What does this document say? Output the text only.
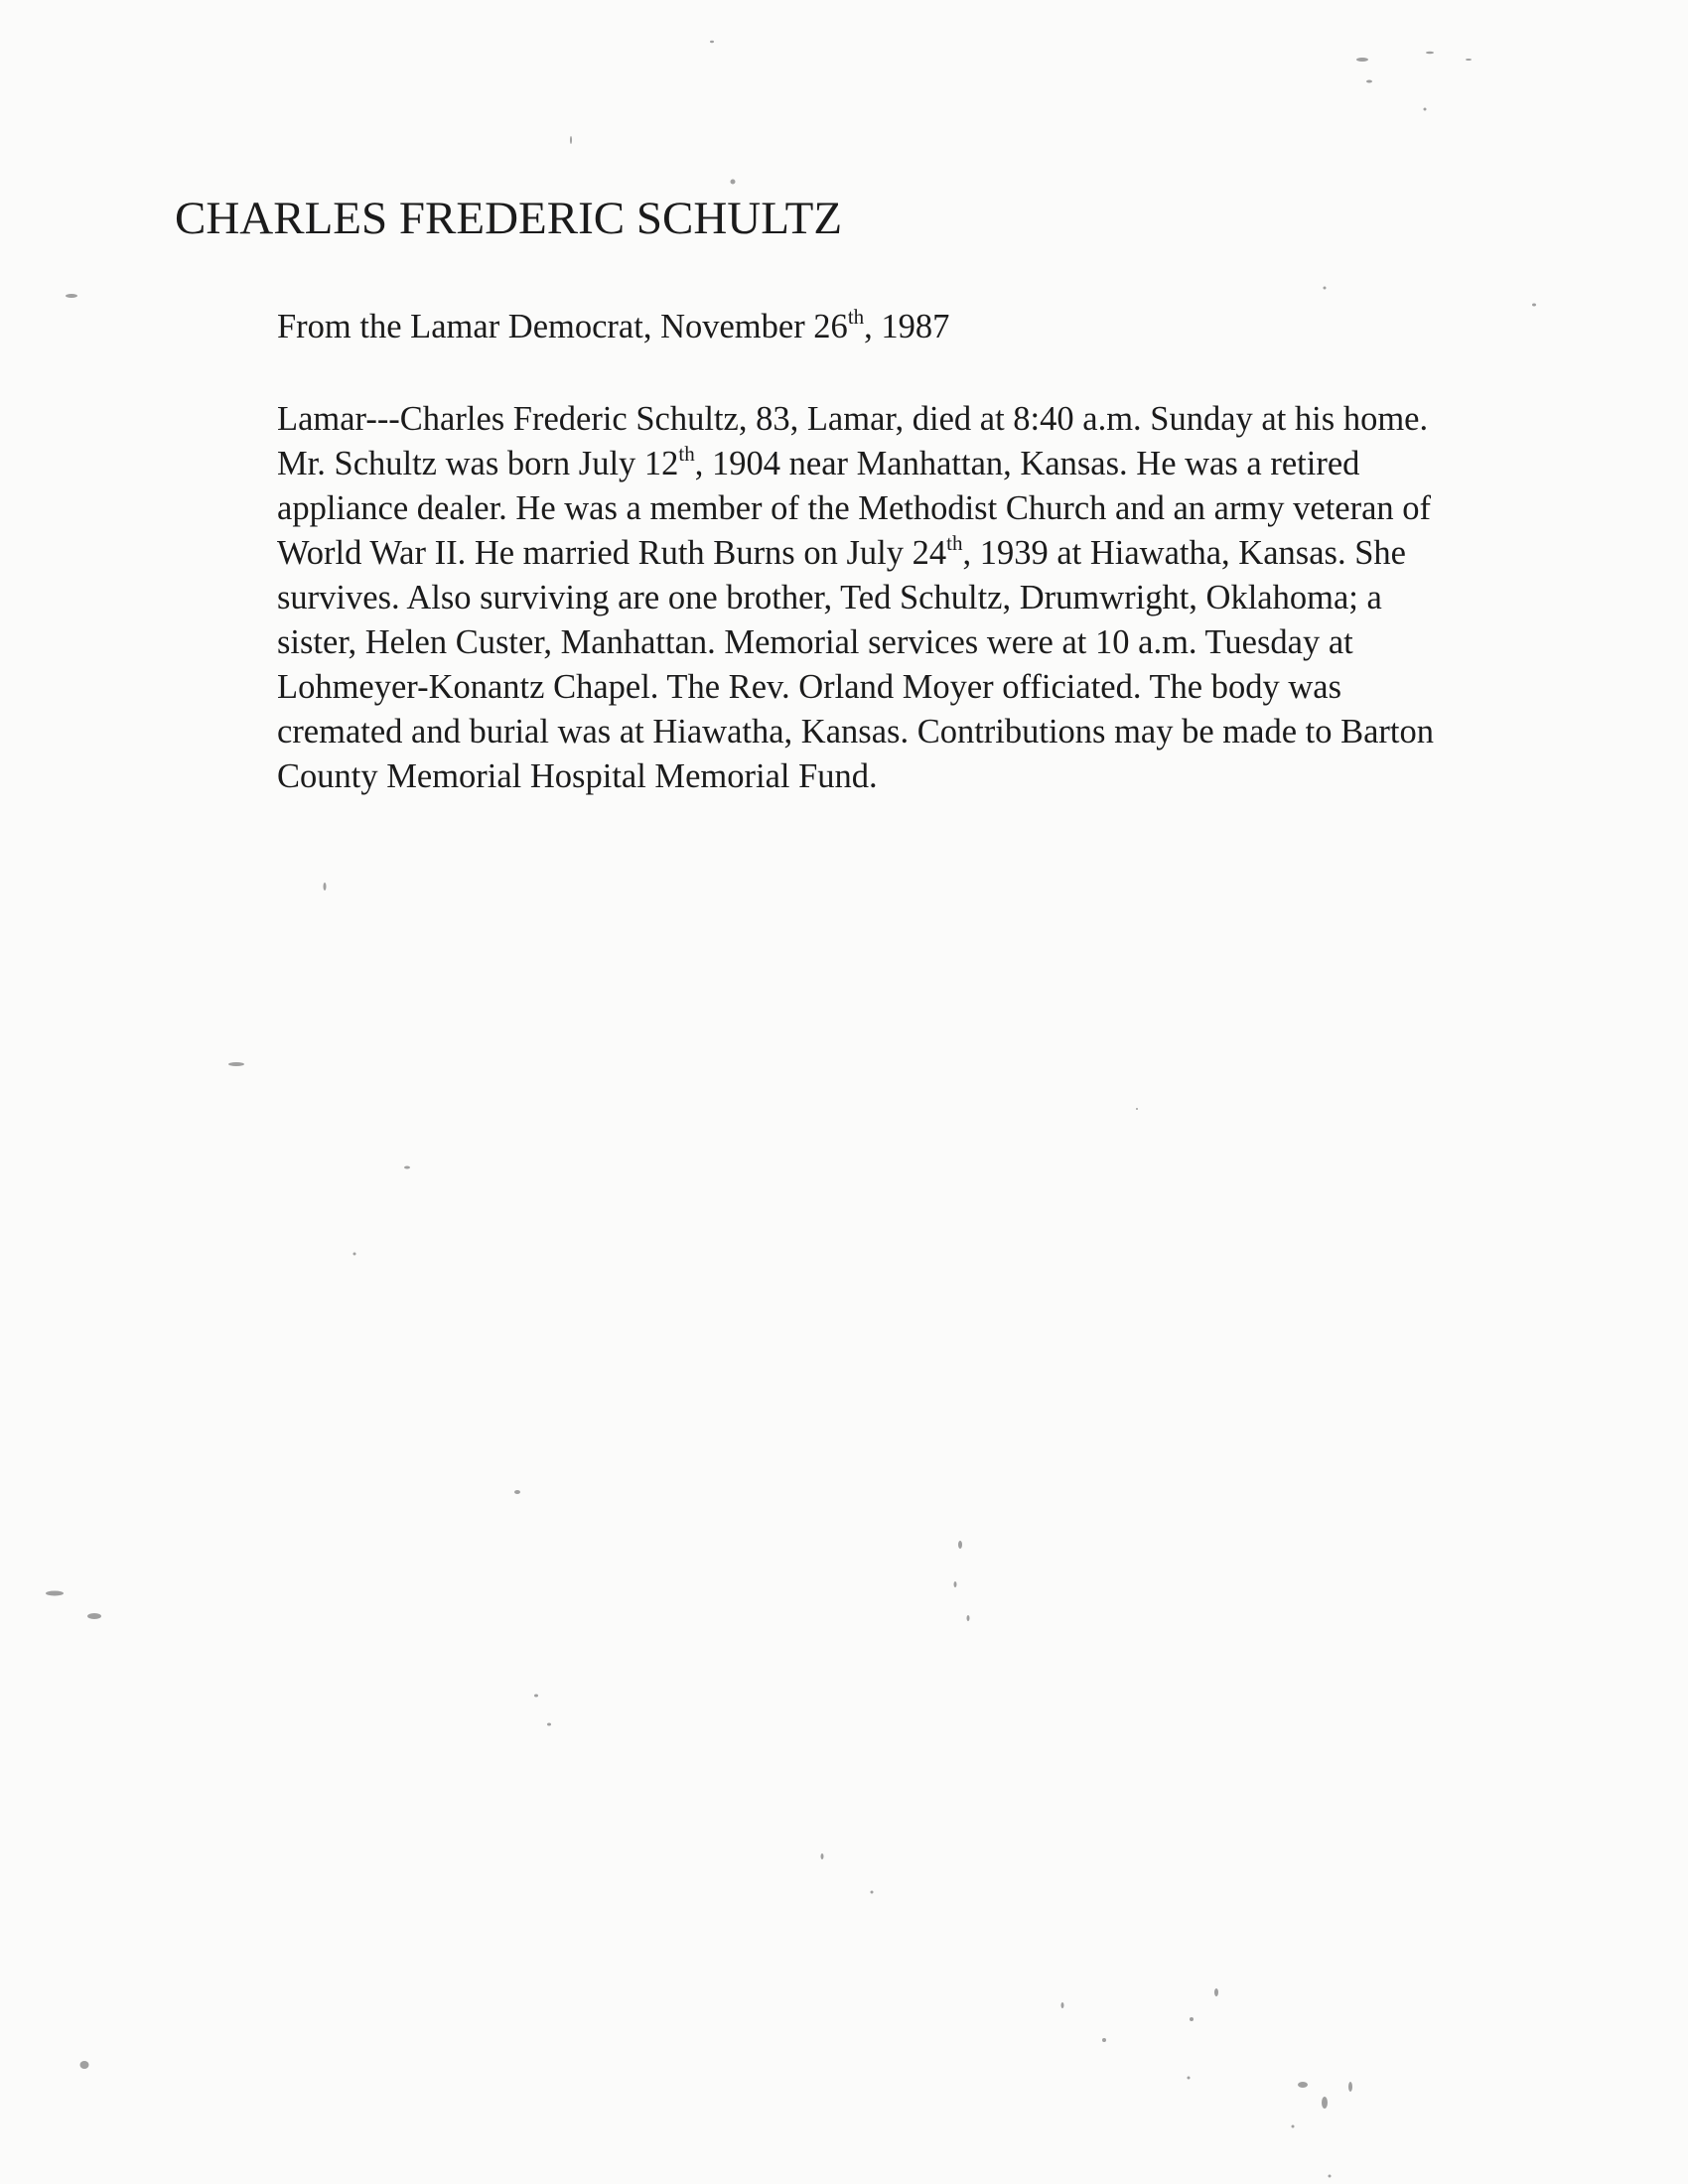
CHARLES FREDERIC SCHULTZ

From the Lamar Democrat, November 26th, 1987

Lamar---Charles Frederic Schultz, 83, Lamar, died at 8:40 a.m. Sunday at his home.
Mr. Schultz was born July 12th, 1904 near Manhattan, Kansas. He was a retired
appliance dealer. He was a member of the Methodist Church and an army veteran of
World War II. He married Ruth Burns on July 24th, 1939 at Hiawatha, Kansas. She
survives. Also surviving are one brother, Ted Schultz, Drumwright, Oklahoma; a
sister, Helen Custer, Manhattan. Memorial services were at 10 a.m. Tuesday at
Lohmeyer-Konantz Chapel. The Rev. Orland Moyer officiated. The body was
cremated and burial was at Hiawatha, Kansas. Contributions may be made to Barton
County Memorial Hospital Memorial Fund.
